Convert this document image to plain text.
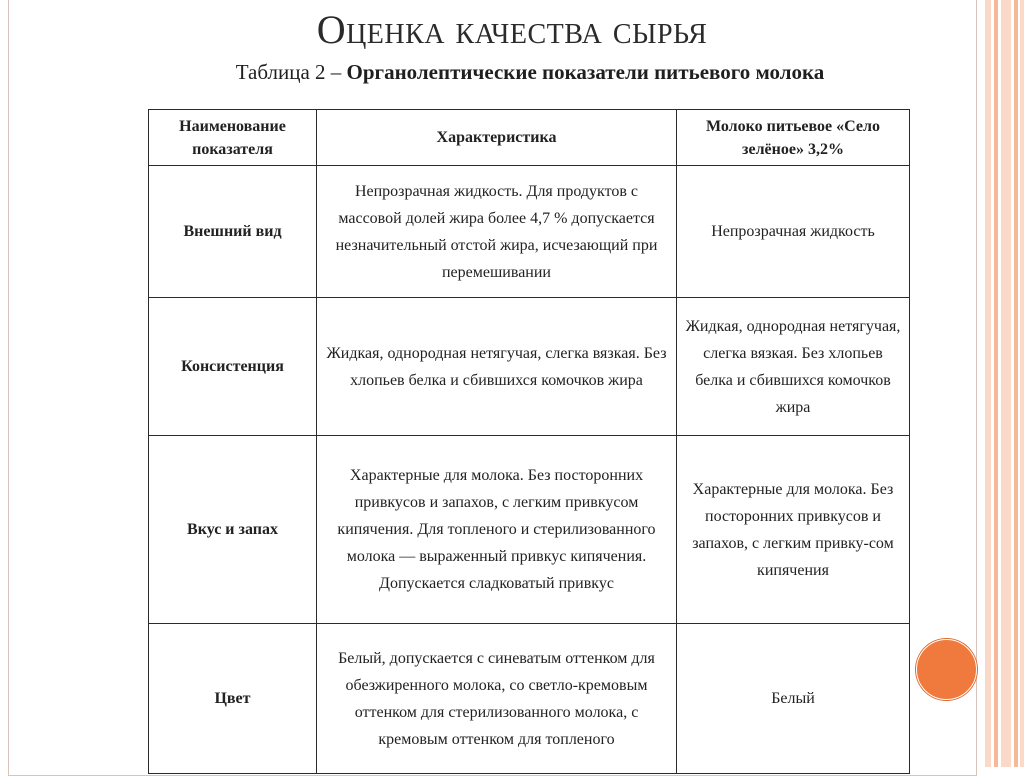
Оценка качества сырья
Таблица 2 – Органолептические показатели питьевого молока
Наименование показателя	Характеристика	Молоко питьевое «Село зелёное» 3,2%
Внешний вид	Непрозрачная жидкость. Для продуктов с массовой долей жира более 4,7 % допускается незначительный отстой жира, исчезающий при перемешивании	Непрозрачная жидкость
Консистенция	Жидкая, однородная нетягучая, слегка вязкая. Без хлопьев белка и сбившихся комочков жира	Жидкая, однородная нетягучая, слегка вязкая. Без хлопьев белка и сбившихся комочков жира
Вкус и запах	Характерные для молока. Без посторонних привкусов и запахов, с легким привкусом кипячения. Для топленого и стерилизованного молока — выраженный привкус кипячения. Допускается сладковатый привкус	Характерные для молока. Без посторонних привкусов и запахов, с легким привку-сом кипячения
Цвет	Белый, допускается с синеватым оттенком для обезжиренного молока, со светло-кремовым оттенком для стерилизованного молока, с кремовым оттенком для топленого	Белый
